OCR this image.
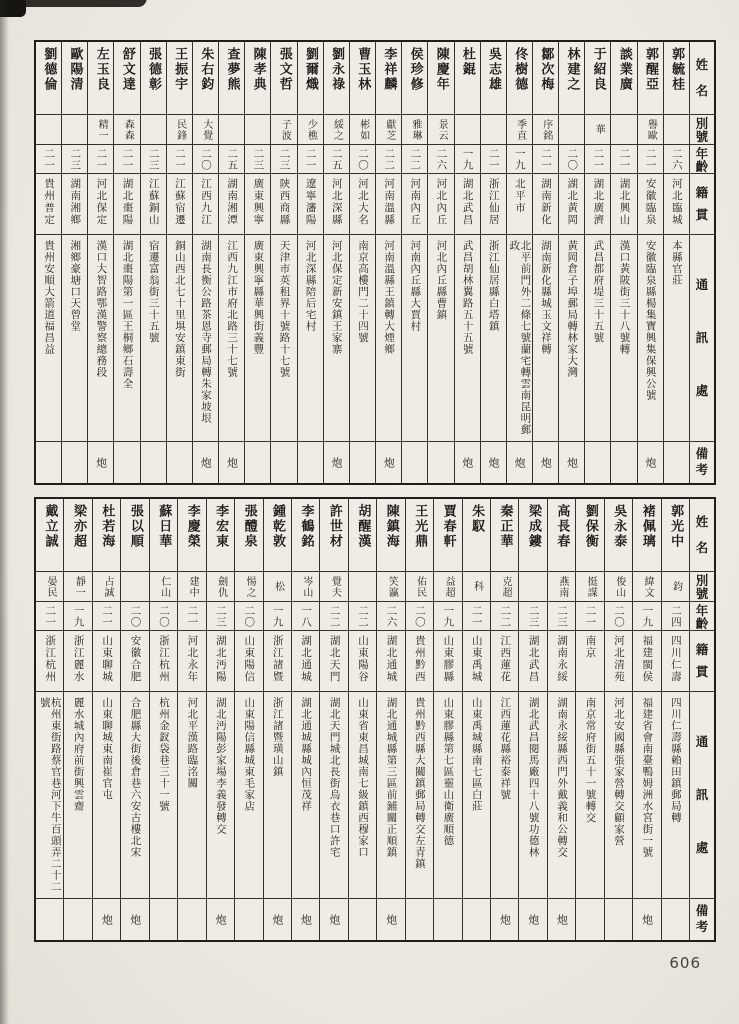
劉德倫
二一
貴州普定
貴州安順大箭道福昌益
歐陽清
二三
湖南湘鄉
湘鄉豪塘口天曾堂
左玉良
精一
二一
河北保定
漢口大智路鄂漢警察總務段
炮
舒文達
森森
二一
湖北棗陽
湖北棗陽第一區王桐鄉石壽全
張德彰
二三
江蘇銅山
宿遷富翁街三十五號
王振宇
民鋒
二一
江蘇宿遷
銅山西北七十里埧安鎮東街
朱右鈞
大覺
二〇
江西九江
湖南長衡公路茶恩寺郵局轉朱家坡垠
炮
查夢熊
二五
湖南湘潭
江西九江市府北路三十七號
炮
陳孝典
二三
廣東興寧
廣東興寧縣華興街義豐
張文哲
子波
二三
陝西商縣
天津市英租界十號路十七號
劉爾熾
少樵
二一
遼寧瀋陽
河北深縣陪后宅村
劉永祿
綏之
二五
河北深縣
河北保定新安鎮王家寨
炮
曹玉林
彬如
二〇
河北大名
南京高樓門二十四號
李祥麟
獻芝
二二
河南溫縣
河南溫縣王鎮轉大煙鄉
炮
侯珍修
雅琳
二二
河南內丘
河南內丘縣大賈村
陳慶年
景云
二六
河北內丘
河北內丘縣曹鎮
杜錕
一九
湖北武昌
武昌胡林翼路五十五號
炮
吳志雄
二一
浙江仙居
浙江仙居縣白塔鎮
炮
佟樹德
季直
一九
北平市
北平前門外二條七號蘭宅轉雲南昆明郵政
炮
鄒次梅
序銘
二一
湖南新化
湖南新化縣城玉文祥轉
炮
林建之
二〇
湖北黃岡
黃岡倉子埠郵局轉林家大灣
炮
于紹良
華
二一
湖北廣濟
武昌都府堤三十五號
談業廣
二一
湖北興山
漢口黃陂街三十八號轉
郭醒亞
譽歐
二一
安徽臨泉
安徽臨泉縣楊集寶興集保興公號
炮
郭毓桂
二六
河北臨城
本縣官莊
姓
名
別
號
年
齡
籍
貫
通
訊
處
備
考
戴立誠
晏民
二一
浙江杭州
杭州東街路蔡官巷河下牛百頭弄二十二號
梁亦超
靜一
一九
浙江麗水
麗水城內府前街興雲齋
杜若海
占誠
二一
山東聊城
山東聊城東南崔官屯
炮
張以順
二〇
安徽合肥
合肥縣大街後倉巷六安古樓北宋
炮
蘇日華
仁山
二〇
浙江杭州
杭州金釵袋巷三十一號
李慶榮
建中
二一
河北永年
河北平漢路臨洺關
李宏東
劍仇
二三
湖北沔陽
湖北沔陽彭家場李義發轉交
炮
張醴泉
惕之
二〇
山東陽信
山東陽信縣城東毛家店
鍾乾敦
松
一九
浙江諸暨
浙江諸暨璜山鎮
炮
李鶴銘
岑山
一八
湖北通城
湖北通城縣城內恒茂祥
炮
許世材
覺夫
二二
湖北天門
湖北天門城北長街烏衣巷口許宅
炮
胡醒漢
二二
山東陽谷
山東省東昌城南七級鎮西穆家口
陳鎮海
笑瀛
二六
湖北通城
湖北通城縣第三區前鋪關正順鎮
炮
王光鼎
佑民
二〇
貴州黔西
貴州黔西縣大關鎮郵局轉交左青鎮
賈春軒
益超
一九
山東膠縣
山東膠縣第七區靈山衛廣順德
朱馭
科
二一
山東禹城
山東禹城縣南七區白莊
秦正華
克超
二二
江西蓮花
江西蓮花縣裕泰祥號
炮
梁成鏤
二三
湖北武昌
湖北武昌閱馬廠四十八號功德林
炮
高長春
燕南
二三
湖南永綏
湖南永綏縣西門外戴義和公轉交
炮
劉保衡
挺謀
二一
南京
南京常府街五十一號轉交
吳永泰
俊山
二〇
河北清苑
河北安國縣張家營轉交顧家營
褚佩璃
緯文
一九
福建閩侯
福建省會南臺鴨姆洲水宮街一號
炮
郭光中
鈞
二四
四川仁壽
四川仁壽縣賴田鎮郵局轉
姓
名
別
號
年
齡
籍
貫
通
訊
處
備
考
606
